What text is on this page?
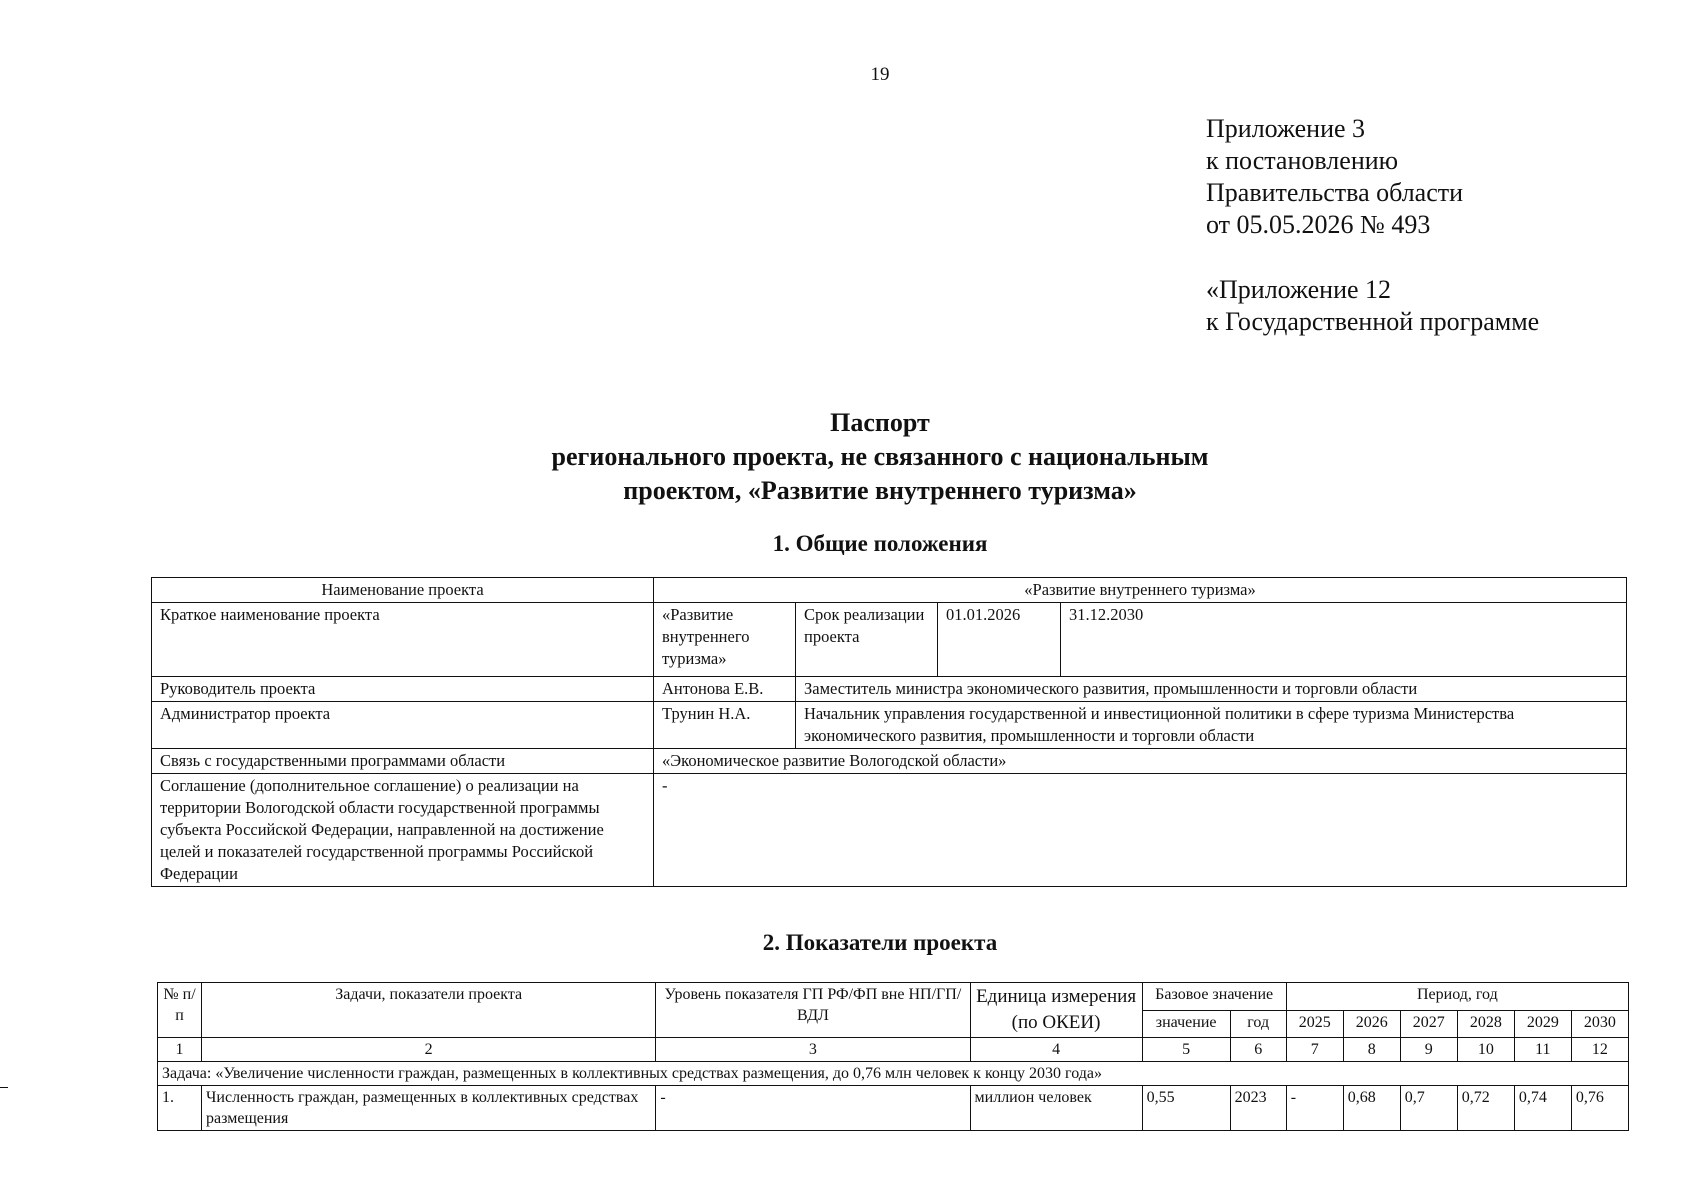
19
Приложение 3
к постановлению
Правительства области
от 05.05.2026 № 493
«Приложение 12
к Государственной программе
Паспорт
регионального проекта, не связанного с национальным
проектом, «Развитие внутреннего туризма»
1. Общие положения
Наименование проекта	«Развитие внутреннего туризма»			
Краткое наименование проекта	«Развитие внутреннего туризма»	Срок реализации проекта	01.01.2026	31.12.2030
Руководитель проекта	Антонова Е.В.	Заместитель министра экономического развития, промышленности и торговли области		
Администратор проекта	Трунин Н.А.	Начальник управления государственной и инвестиционной политики в сфере туризма Министерства экономического развития, промышленности и торговли области		
Связь с государственными программами области	«Экономическое развитие Вологодской области»			
Соглашение (дополнительное соглашение) о реализации на территории Вологодской области государственной программы субъекта Российской Федерации, направленной на достижение целей и показателей государственной программы Российской Федерации	-			
2. Показатели проекта
№ п/п	Задачи, показатели проекта	Уровень показателя ГП РФ/ФП вне НП/ГП/ВДЛ	Единица измерения (по ОКЕИ)	Базовое значение		Период, год					
				значение	год	2025	2026	2027	2028	2029	2030
1	2	3	4	5	6	7	8	9	10	11	12
Задача: «Увеличение численности граждан, размещенных в коллективных средствах размещения, до 0,76 млн человек к концу 2030 года»											
1.	Численность граждан, размещенных в коллективных средствах размещения	-	миллион человек	0,55	2023	-	0,68	0,7	0,72	0,74	0,76
